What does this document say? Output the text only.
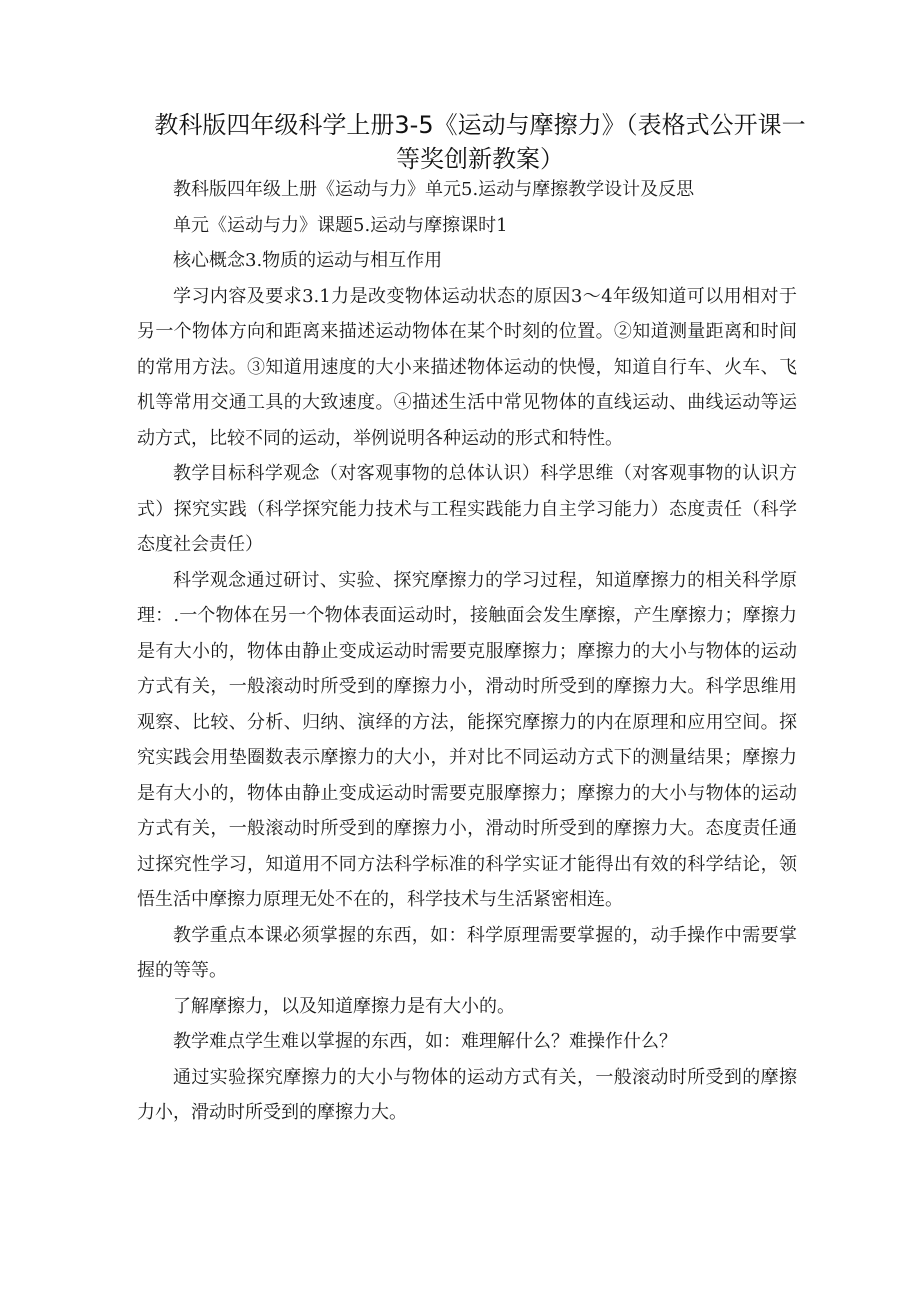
教科版四年级科学上册3-5《运动与摩擦力》（表格式公开课一等奖创新教案）

教科版四年级上册《运动与力》单元5.运动与摩擦教学设计及反思

单元《运动与力》课题5.运动与摩擦课时1

核心概念3.物质的运动与相互作用

学习内容及要求3.1力是改变物体运动状态的原因3～4年级知道可以用相对于另一个物体方向和距离来描述运动物体在某个时刻的位置。②知道测量距离和时间的常用方法。③知道用速度的大小来描述物体运动的快慢，知道自行车、火车、飞机等常用交通工具的大致速度。④描述生活中常见物体的直线运动、曲线运动等运动方式，比较不同的运动，举例说明各种运动的形式和特性。

教学目标科学观念（对客观事物的总体认识）科学思维（对客观事物的认识方式）探究实践（科学探究能力技术与工程实践能力自主学习能力）态度责任（科学态度社会责任）

科学观念通过研讨、实验、探究摩擦力的学习过程，知道摩擦力的相关科学原理：.一个物体在另一个物体表面运动时，接触面会发生摩擦，产生摩擦力；摩擦力是有大小的，物体由静止变成运动时需要克服摩擦力；摩擦力的大小与物体的运动方式有关，一般滚动时所受到的摩擦力小，滑动时所受到的摩擦力大。科学思维用观察、比较、分析、归纳、演绎的方法，能探究摩擦力的内在原理和应用空间。探究实践会用垫圈数表示摩擦力的大小，并对比不同运动方式下的测量结果；摩擦力是有大小的，物体由静止变成运动时需要克服摩擦力；摩擦力的大小与物体的运动方式有关，一般滚动时所受到的摩擦力小，滑动时所受到的摩擦力大。态度责任通过探究性学习，知道用不同方法科学标准的科学实证才能得出有效的科学结论，领悟生活中摩擦力原理无处不在的，科学技术与生活紧密相连。

教学重点本课必须掌握的东西，如：科学原理需要掌握的，动手操作中需要掌握的等等。

了解摩擦力，以及知道摩擦力是有大小的。

教学难点学生难以掌握的东西，如：难理解什么？难操作什么？

通过实验探究摩擦力的大小与物体的运动方式有关，一般滚动时所受到的摩擦力小，滑动时所受到的摩擦力大。
